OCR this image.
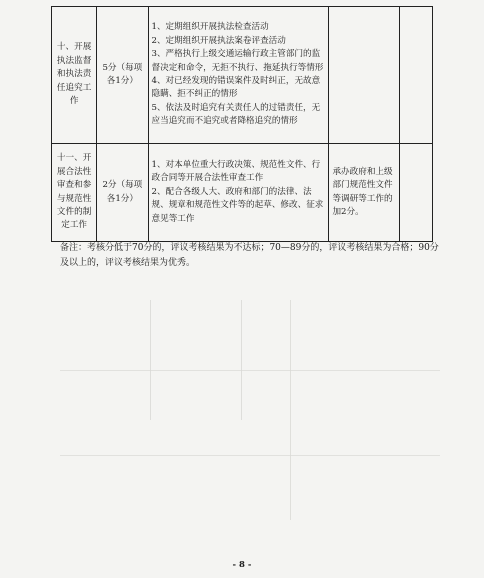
十、开展执法监督和执法责任追究工作	5分（每项各1分）	1、定期组织开展执法检查活动
2、定期组织开展执法案卷评查活动
3、严格执行上级交通运输行政主管部门的监督决定和命令，无拒不执行、拖延执行等情形
4、对已经发现的错误案件及时纠正，无故意隐瞒、拒不纠正的情形
5、依法及时追究有关责任人的过错责任，无应当追究而不追究或者降格追究的情形		

十一、开展合法性审查和参与规范性文件的制定工作	2分（每项各1分）	1、对本单位重大行政决策、规范性文件、行政合同等开展合法性审查工作
2、配合各级人大、政府和部门的法律、法规、规章和规范性文件等的起草、修改、征求意见等工作	承办政府和上级部门规范性文件等调研等工作的加2分。	
备注：考核分低于70分的，评议考核结果为不达标；70—89分的，评议考核结果为合格；90分及以上的，评议考核结果为优秀。
- 8 -
